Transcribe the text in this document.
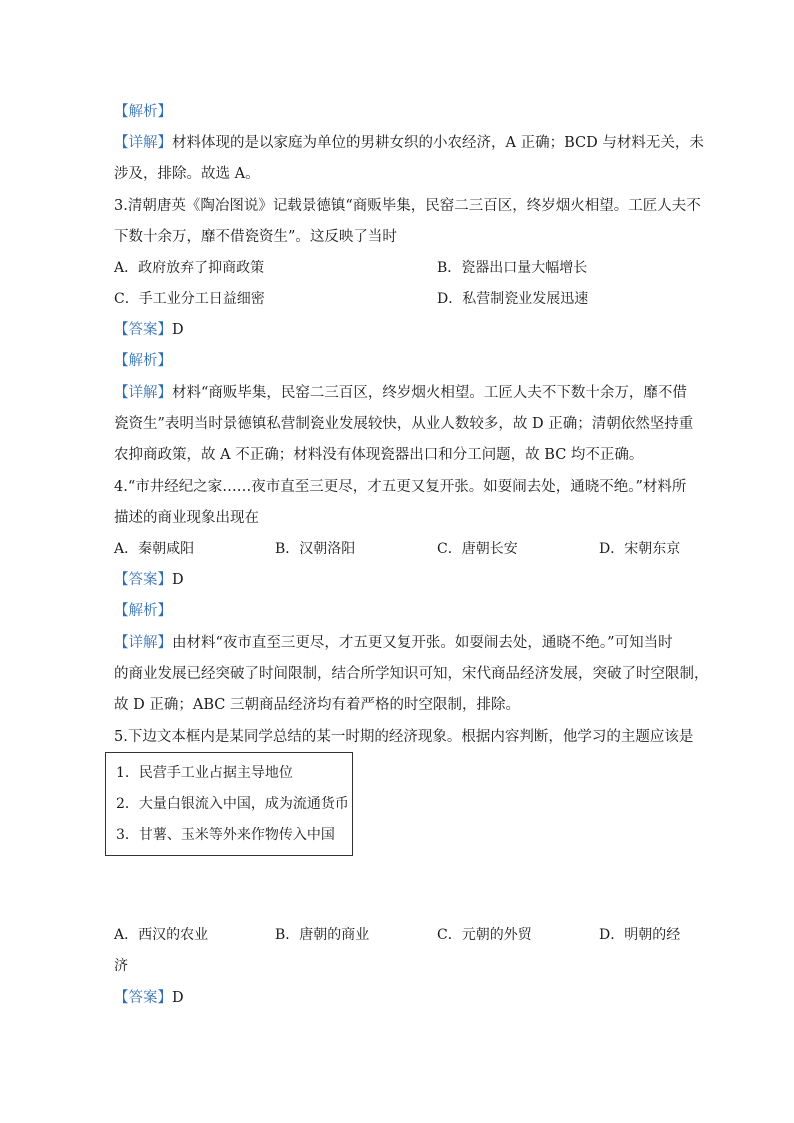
【解析】
【详解】材料体现的是以家庭为单位的男耕女织的小农经济，A 正确；BCD 与材料无关，未
涉及，排除。故选 A。
3.清朝唐英《陶冶图说》记载景德镇“商贩毕集，民窑二三百区，终岁烟火相望。工匠人夫不
下数十余万，靡不借瓷资生”。这反映了当时
A．政府放弃了抑商政策	B．瓷器出口量大幅增长
C．手工业分工日益细密	D．私营制瓷业发展迅速
【答案】D
【解析】
【详解】材料“商贩毕集，民窑二三百区，终岁烟火相望。工匠人夫不下数十余万，靡不借
瓷资生”表明当时景德镇私营制瓷业发展较快，从业人数较多，故 D 正确；清朝依然坚持重
农抑商政策，故 A 不正确；材料没有体现瓷器出口和分工问题，故 BC 均不正确。
4.“市井经纪之家……夜市直至三更尽，才五更又复开张。如耍闹去处，通晓不绝。”材料所
描述的商业现象出现在
A．秦朝咸阳	B．汉朝洛阳	C．唐朝长安	D．宋朝东京
【答案】D
【解析】
【详解】由材料“夜市直至三更尽，才五更又复开张。如耍闹去处，通晓不绝。”可知当时
的商业发展已经突破了时间限制，结合所学知识可知，宋代商品经济发展，突破了时空限制，
故 D 正确；ABC 三朝商品经济均有着严格的时空限制，排除。
5.下边文本框内是某同学总结的某一时期的经济现象。根据内容判断，他学习的主题应该是
1．民营手工业占据主导地位
2．大量白银流入中国，成为流通货币
3．甘薯、玉米等外来作物传入中国
A．西汉的农业	B．唐朝的商业	C．元朝的外贸	D．明朝的经
济
【答案】D
